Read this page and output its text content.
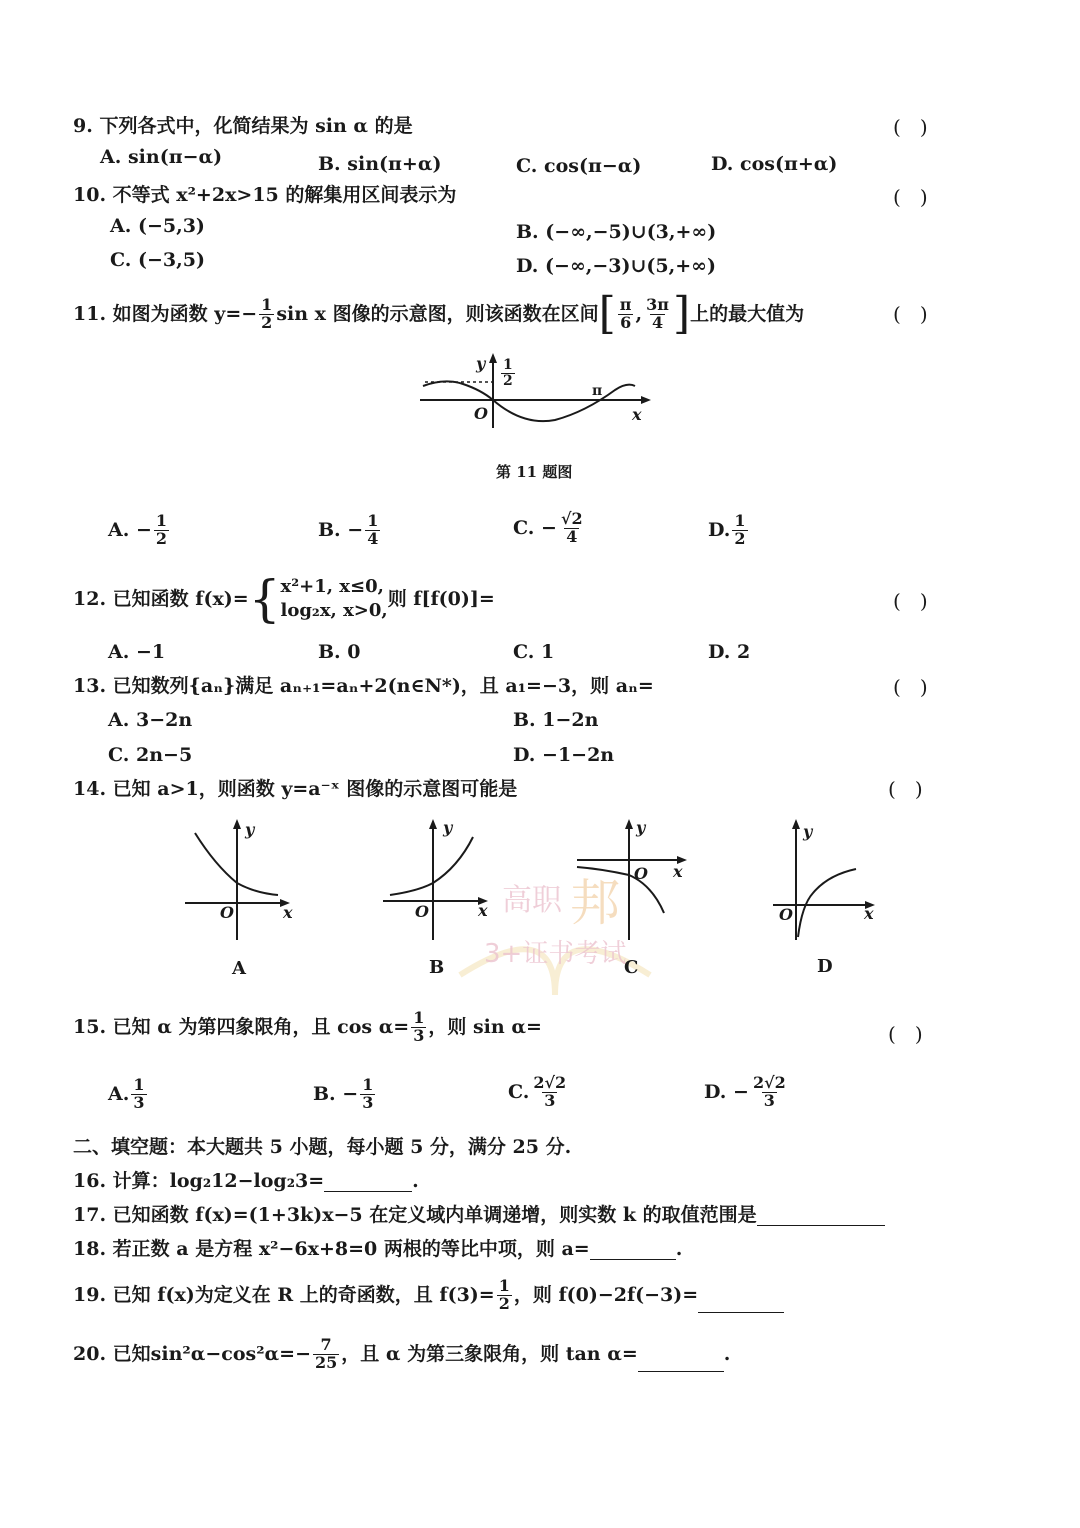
高职 邦
3+证书考试
9. 下列各式中，化简结果为 sin α 的是	(   )
A. sin(π−α)	B. sin(π+α)	C. cos(π−α)	D. cos(π+α)
10. 不等式 x²+2x>15 的解集用区间表示为	(   )
A. (−5,3)	B. (−∞,−5)∪(3,+∞)
C. (−3,5)	D. (−∞,−3)∪(5,+∞)
11. 如图为函数 $y=- \frac{1}{2}$ sin x 图像的示意图，则该函数在区间 [ $\frac{\pi}{6}$ , $\frac{3\pi}{4}$ ] 上的最大值为	(   )
y $\frac{1}{2}$
O
π
x
第 11 题图
A. − $\frac{1}{2}$	B. − $\frac{1}{4}$	C. − $\frac{√2}{4}$	D. $\frac{1}{2}$
12. 已知函数 f(x)= { x²+1, x≤0,
log₂x, x>0,
则 f[f(0)]=	(   )
A. −1	B. 0	C. 1	D. 2
13. 已知数列{aₙ}满足 aₙ₊₁=aₙ+2(n∈N*)，且 a₁=−3，则 aₙ=	(   )
A. 3−2n	B. 1−2n
C. 2n−5	D. −1−2n
14. 已知 a>1，则函数 y=a⁻ˣ 图像的示意图可能是	(   )
y
O	x
A
y
O	x
B
y
O x
C
y
O	x
D
15. 已知 α 为第四象限角，且 $\cos \alpha= \frac{1}{3}$ ，则 sin α=	(   )
A. $\frac{1}{3}$	B. − $\frac{1}{3}$	C. $\frac{2√2}{3}$	D. − $\frac{2√2}{3}$
二、填空题：本大题共 5 小题，每小题 5 分，满分 25 分.
16. 计算：log₂12−log₂3=	.
17. 已知函数 f(x)=(1+3k)x−5 在定义域内单调递增，则实数 k 的取值范围是
18. 若正数 a 是方程 x²−6x+8=0 两根的等比中项，则 a=	.
19. 已知 f(x)为定义在 R 上的奇函数，且 $f(3)= \frac{1}{2}$ ，则 f(0)−2f(−3)=

20. 已知$\sin^2\alpha-\cos^2\alpha=- \frac{7}{25}$ ，且 α 为第三象限角，则 tan α=
	.
